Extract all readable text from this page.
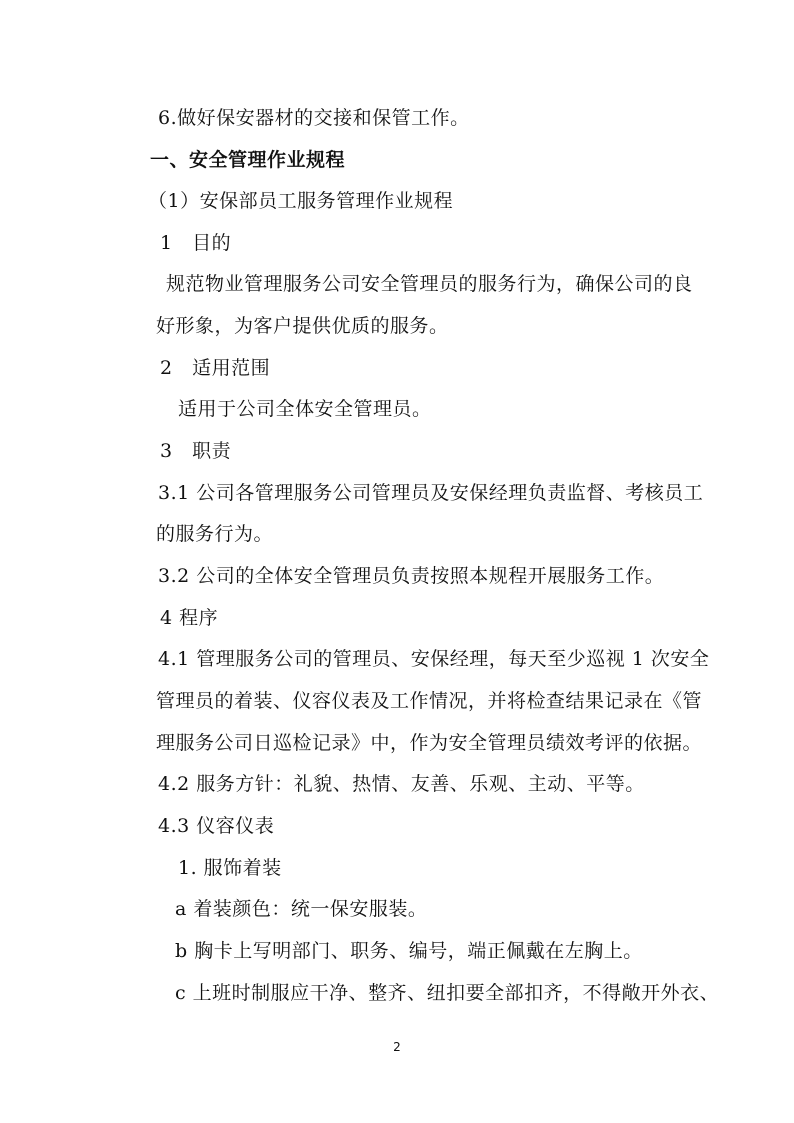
6.做好保安器材的交接和保管工作。
一、安全管理作业规程
（1）安保部员工服务管理作业规程
1　目的
规范物业管理服务公司安全管理员的服务行为，确保公司的良
好形象，为客户提供优质的服务。
2　适用范围
适用于公司全体安全管理员。
3　职责
3.1 公司各管理服务公司管理员及安保经理负责监督、考核员工
的服务行为。
3.2 公司的全体安全管理员负责按照本规程开展服务工作。
4 程序
4.1 管理服务公司的管理员、安保经理，每天至少巡视 1 次安全
管理员的着装、仪容仪表及工作情况，并将检查结果记录在《管
理服务公司日巡检记录》中，作为安全管理员绩效考评的依据。
4.2 服务方针：礼貌、热情、友善、乐观、主动、平等。
4.3 仪容仪表
1. 服饰着装
a 着装颜色：统一保安服装。
b 胸卡上写明部门、职务、编号，端正佩戴在左胸上。
c 上班时制服应干净、整齐、纽扣要全部扣齐，不得敞开外衣、
2
